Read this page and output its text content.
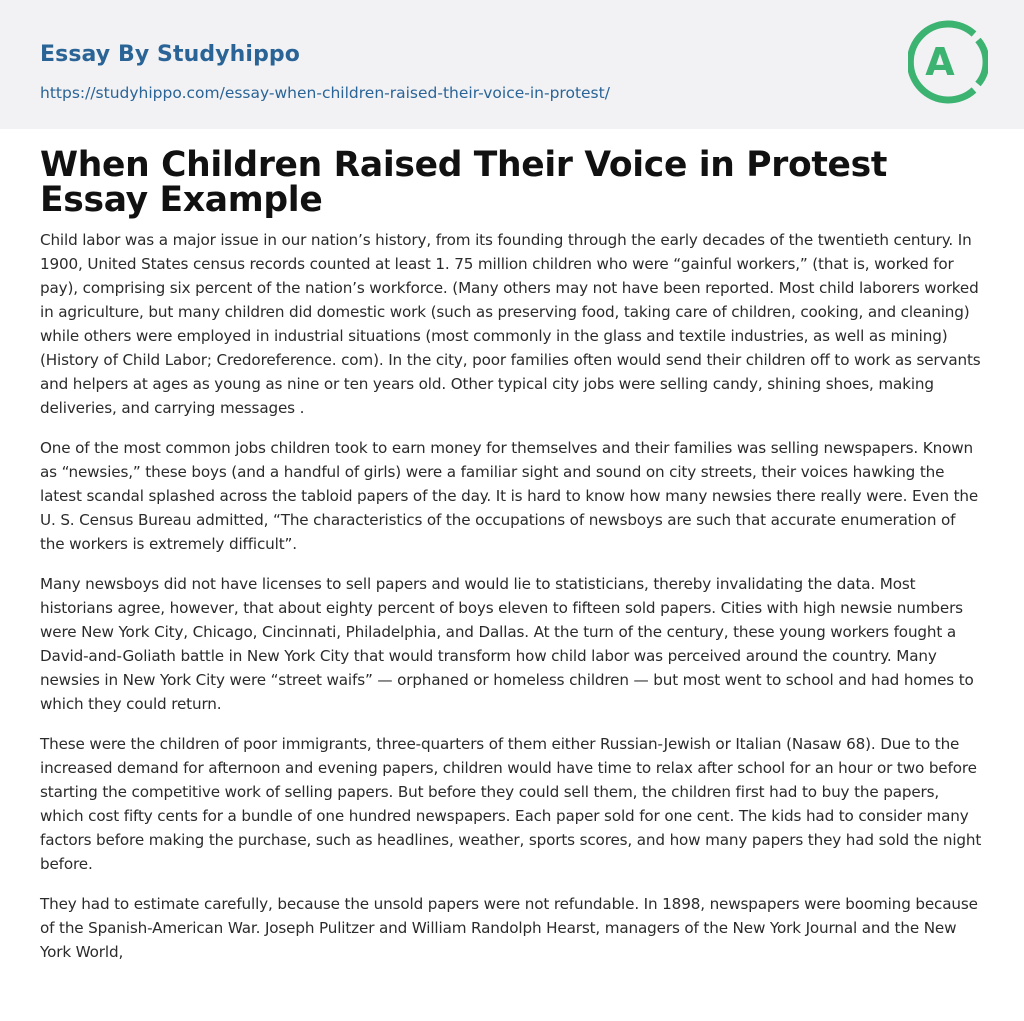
Essay By Studyhippo
https://studyhippo.com/essay-when-children-raised-their-voice-in-protest/
A
When Children Raised Their Voice in Protest Essay Example

Child labor was a major issue in our nation’s history, from its founding through the early decades of the twentieth century. In 1900, United States census records counted at least 1. 75 million children who were “gainful workers,” (that is, worked for pay), comprising six percent of the nation’s workforce. (Many others may not have been reported. Most child laborers worked in agriculture, but many children did domestic work (such as preserving food, taking care of children, cooking, and cleaning) while others were employed in industrial situations (most commonly in the glass and textile industries, as well as mining) (History of Child Labor; Credoreference. com). In the city, poor families often would send their children off to work as servants and helpers at ages as young as nine or ten years old. Other typical city jobs were selling candy, shining shoes, making deliveries, and carrying messages .

One of the most common jobs children took to earn money for themselves and their families was selling newspapers. Known as “newsies,” these boys (and a handful of girls) were a familiar sight and sound on city streets, their voices hawking the latest scandal splashed across the tabloid papers of the day. It is hard to know how many newsies there really were. Even the U. S. Census Bureau admitted, “The characteristics of the occupations of newsboys are such that accurate enumeration of the workers is extremely difficult”.

Many newsboys did not have licenses to sell papers and would lie to statisticians, thereby invalidating the data. Most historians agree, however, that about eighty percent of boys eleven to fifteen sold papers. Cities with high newsie numbers were New York City, Chicago, Cincinnati, Philadelphia, and Dallas. At the turn of the century, these young workers fought a David-and-Goliath battle in New York City that would transform how child labor was perceived around the country. Many newsies in New York City were “street waifs” — orphaned or homeless children — but most went to school and had homes to which they could return.

These were the children of poor immigrants, three-quarters of them either Russian-Jewish or Italian (Nasaw 68). Due to the increased demand for afternoon and evening papers, children would have time to relax after school for an hour or two before starting the competitive work of selling papers. But before they could sell them, the children first had to buy the papers, which cost fifty cents for a bundle of one hundred newspapers. Each paper sold for one cent. The kids had to consider many factors before making the purchase, such as headlines, weather, sports scores, and how many papers they had sold the night before.

They had to estimate carefully, because the unsold papers were not refundable. In 1898, newspapers were booming because of the Spanish-American War. Joseph Pulitzer and William Randolph Hearst, managers of the New York Journal and the New York World,
